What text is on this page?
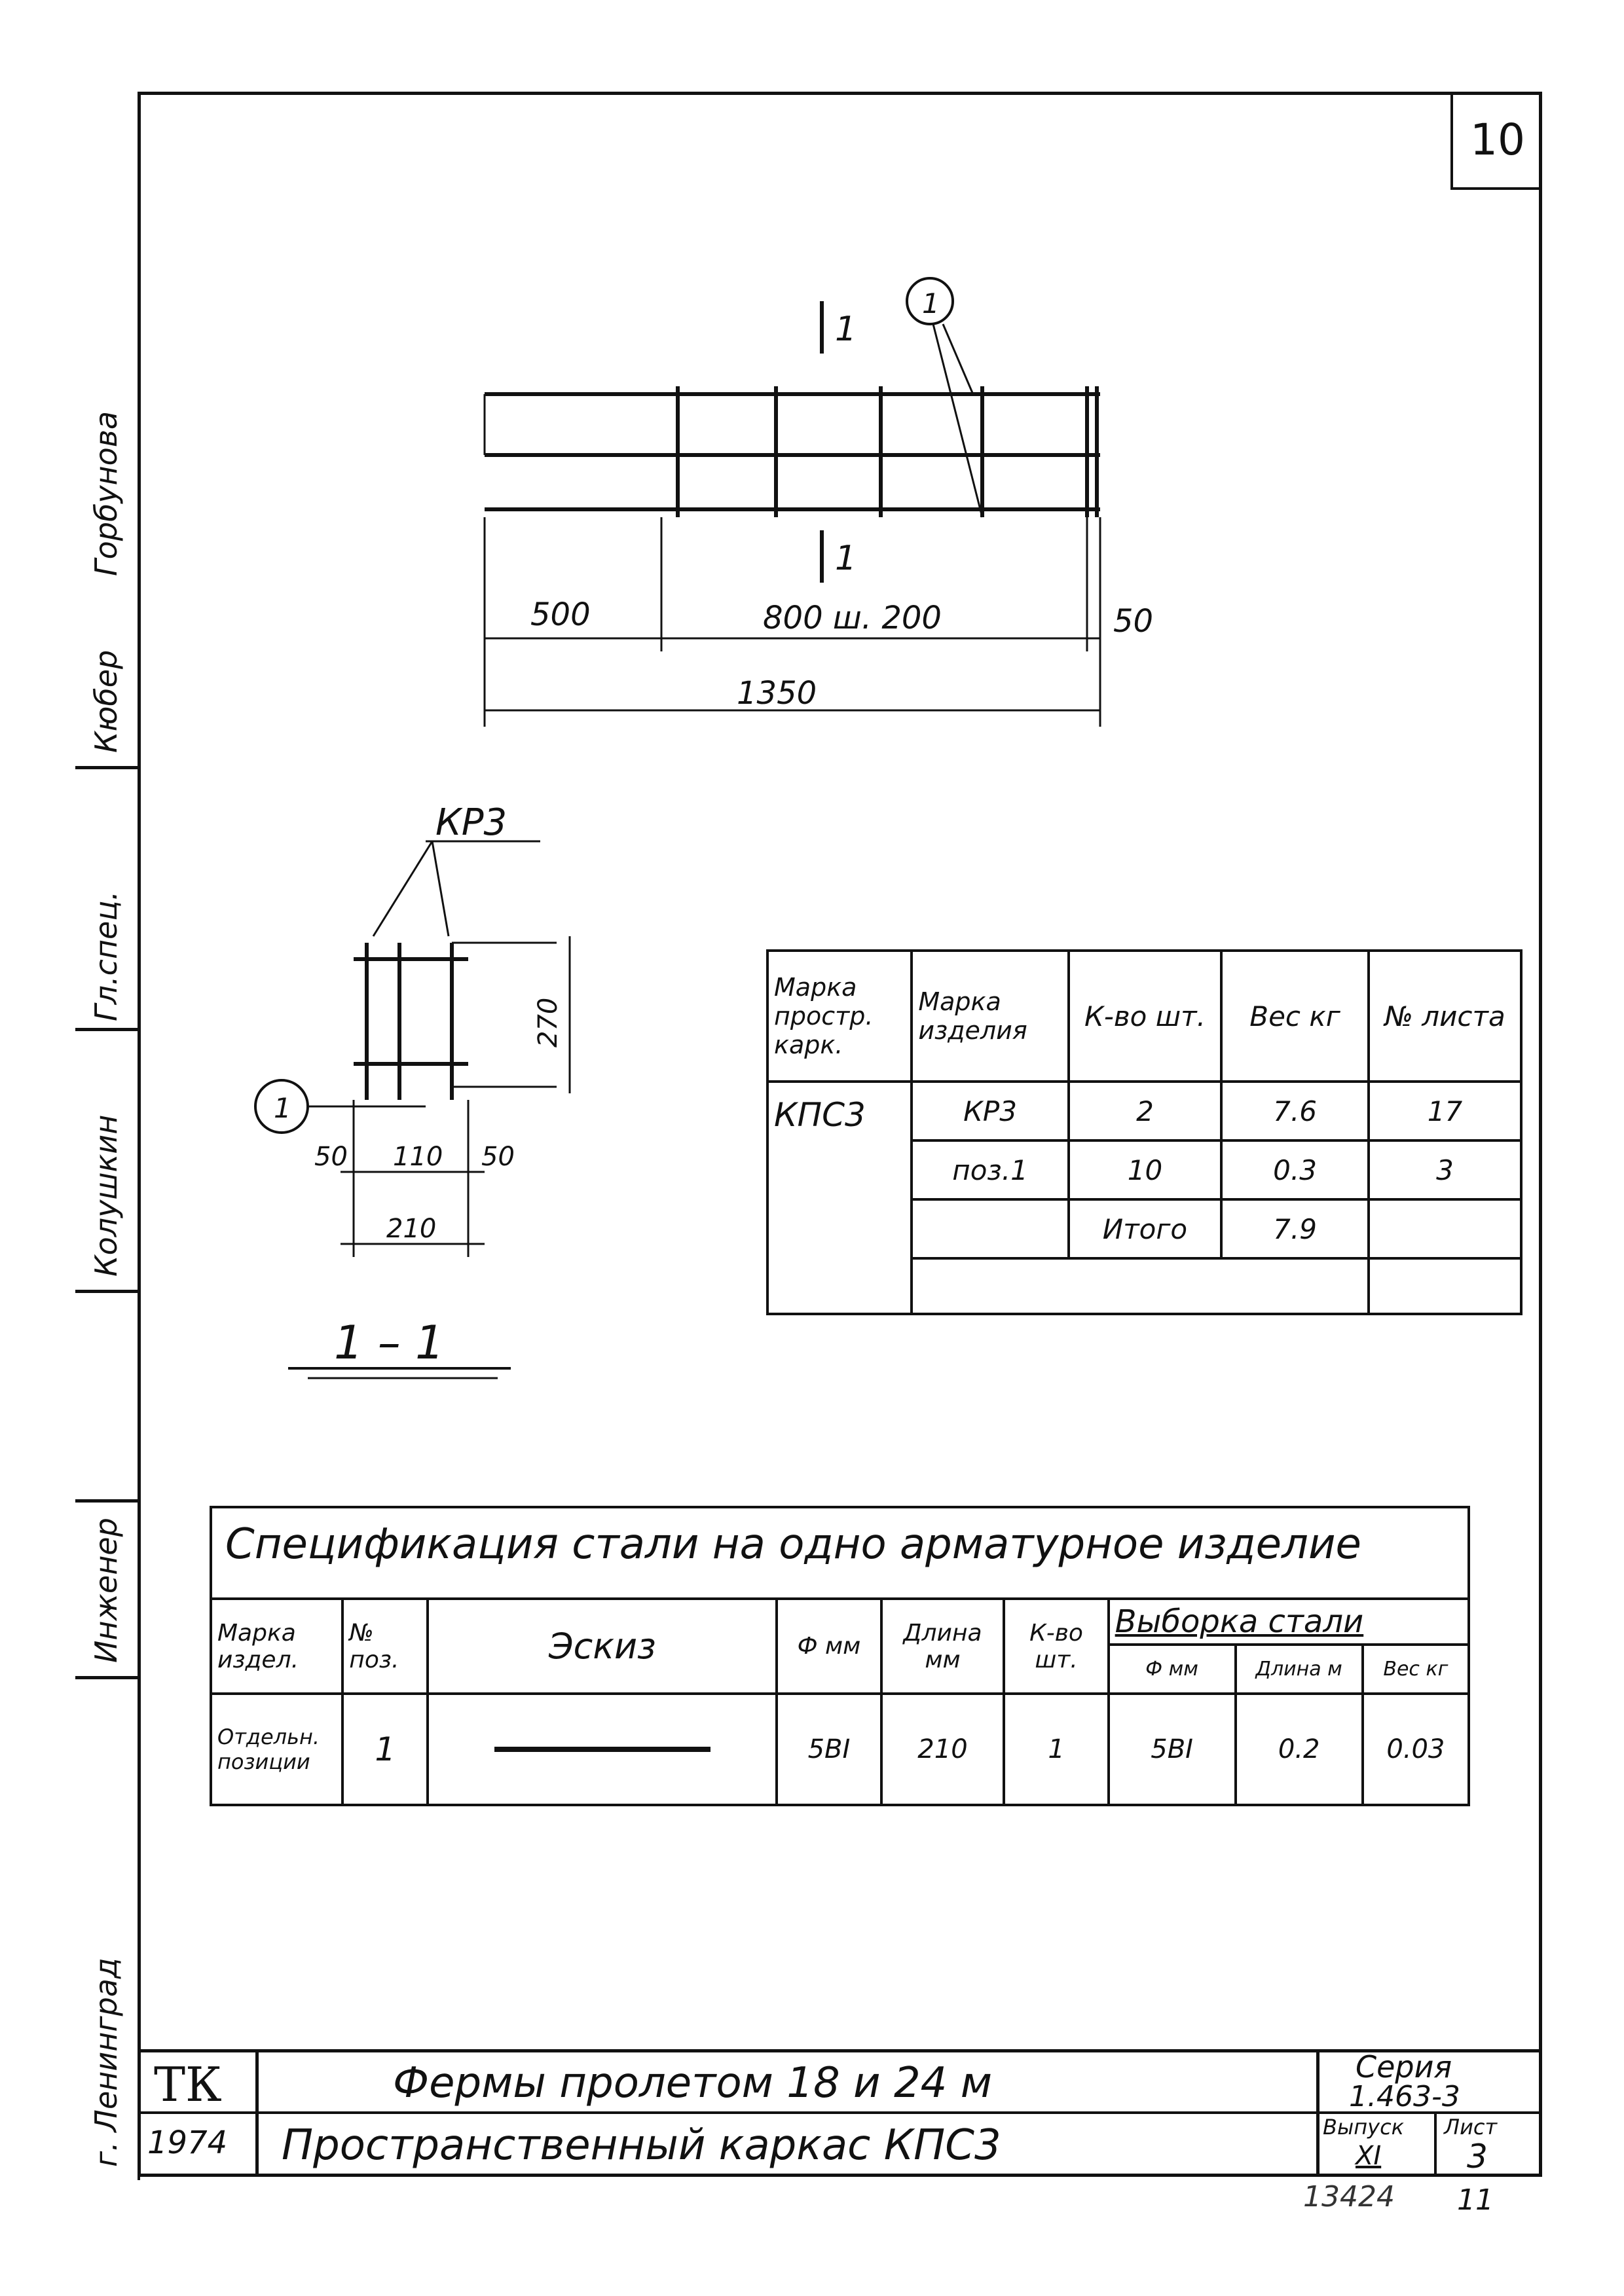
10
Горбунова
Кюбер
Гл.спец.
Колушкин
Инженер
г. Ленинград
1
1
1
500	800 ш. 200	50
1350
КР3
1
50 110 50
210
270
1 – 1
Марка простр. карк.	Марка изделия	К-во шт.	Вес кг	№ листа
КПС3	КР3	2	7.6	17
	поз.1	10	0.3	3
		Итого	7.9	

Спецификация стали на одно арматурное изделие
Марка издел.	№ поз.	Эскиз	Ф мм	Длина мм	К-во шт.	Выборка стали		
						Ф мм	Длина м	Вес кг
Отдельн. позиции	1		5ВⅠ	210	1	5ВⅠ	0.2	0.03
ТК
1974
Фермы пролетом 18 и 24 м
Пространственный каркас КПС3
Серия
1.463-3
Выпуск
ХI
Лист
3
13424 11
